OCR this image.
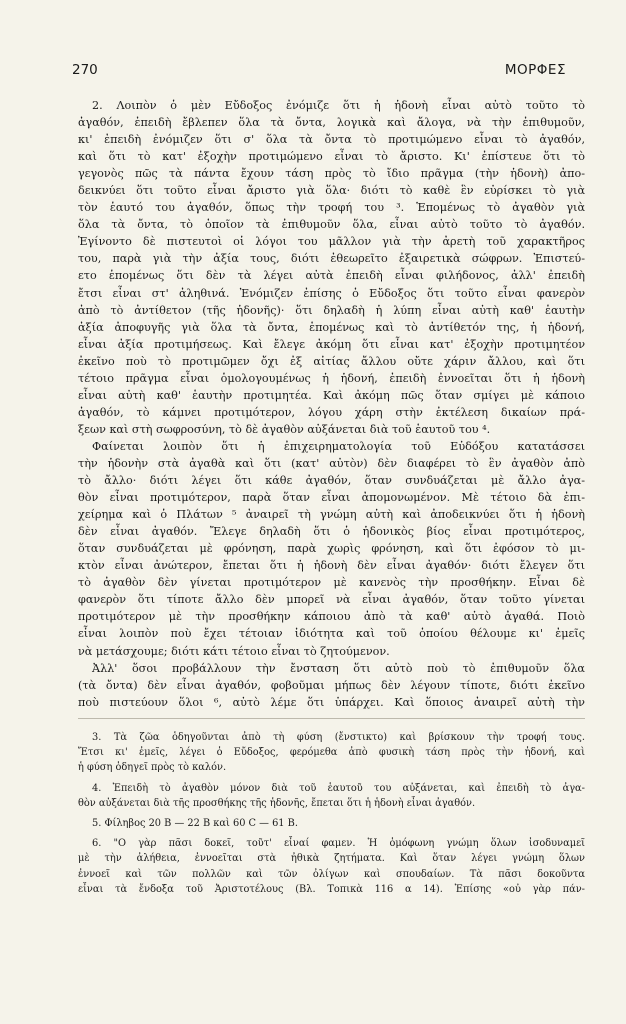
270	ΜΟΡΦΕΣ
2. Λοιπὸν ὁ μὲν Εὔδοξος ἐνόμιζε ὅτι ἡ ἡδονὴ εἶναι αὐτὸ τοῦτο τὸ
ἀγαθόν, ἐπειδὴ ἔβλεπεν ὅλα τὰ ὄντα, λογικὰ καὶ ἄλογα, νὰ τὴν ἐπιθυμοῦν,
κι' ἐπειδὴ ἐνόμιζεν ὅτι σ' ὅλα τὰ ὄντα τὸ προτιμώμενο εἶναι τὸ ἀγαθόν,
καὶ ὅτι τὸ κατ' ἐξοχὴν προτιμώμενο εἶναι τὸ ἄριστο. Κι' ἐπίστευε ὅτι τὸ
γεγονὸς πῶς τὰ πάντα ἔχουν τάση πρὸς τὸ ἴδιο πρᾶγμα (τὴν ἡδονὴ) ἀπο-
δεικνύει ὅτι τοῦτο εἶναι ἄριστο γιὰ ὅλα· διότι τὸ καθὲ ἓν εὑρίσκει τὸ γιὰ
τὸν ἑαυτό του ἀγαθόν, ὅπως τὴν τροφή του ³. Ἑπομένως τὸ ἀγαθὸν γιὰ
ὅλα τὰ ὄντα, τὸ ὁποῖον τὰ ἐπιθυμοῦν ὅλα, εἶναι αὐτὸ τοῦτο τὸ ἀγαθόν.
Ἐγίνοντο δὲ πιστευτοὶ οἱ λόγοι του μᾶλλον γιὰ τὴν ἀρετὴ τοῦ χαρακτῆρος
του, παρὰ γιὰ τὴν ἀξία τους, διότι ἐθεωρεῖτο ἐξαιρετικὰ σώφρων. Ἐπιστεύ-
ετο ἑπομένως ὅτι δὲν τὰ λέγει αὐτὰ ἐπειδὴ εἶναι φιλήδονος, ἀλλ' ἐπειδὴ
ἔτσι εἶναι στ' ἀληθινά. Ἐνόμιζεν ἐπίσης ὁ Εὔδοξος ὅτι τοῦτο εἶναι φανερὸν
ἀπὸ τὸ ἀντίθετον (τῆς ἡδονῆς)· ὅτι δηλαδὴ ἡ λύπη εἶναι αὐτὴ καθ' ἑαυτὴν
ἀξία ἀποφυγῆς γιὰ ὅλα τὰ ὄντα, ἑπομένως καὶ τὸ ἀντίθετόν της, ἡ ἡδονή,
εἶναι ἀξία προτιμήσεως. Καὶ ἔλεγε ἀκόμη ὅτι εἶναι κατ' ἐξοχὴν προτιμητέον
ἐκεῖνο ποὺ τὸ προτιμῶμεν ὄχι ἐξ αἰτίας ἄλλου οὔτε χάριν ἄλλου, καὶ ὅτι
τέτοιο πρᾶγμα εἶναι ὁμολογουμένως ἡ ἡδονή, ἐπειδὴ ἐννοεῖται ὅτι ἡ ἡδονὴ
εἶναι αὐτὴ καθ' ἑαυτὴν προτιμητέα. Καὶ ἀκόμη πῶς ὅταν σμίγει μὲ κάποιο
ἀγαθόν, τὸ κάμνει προτιμότερον, λόγου χάρη στὴν ἐκτέλεση δικαίων πρά-
ξεων καὶ στὴ σωφροσύνη, τὸ δὲ ἀγαθὸν αὐξάνεται διὰ τοῦ ἑαυτοῦ του ⁴.
Φαίνεται λοιπὸν ὅτι ἡ ἐπιχειρηματολογία τοῦ Εὐδόξου κατατάσσει
τὴν ἡδονὴν στὰ ἀγαθὰ καὶ ὅτι (κατ' αὐτὸν) δὲν διαφέρει τὸ ἓν ἀγαθὸν ἀπὸ
τὸ ἄλλο· διότι λέγει ὅτι κάθε ἀγαθόν, ὅταν συνδυάζεται μὲ ἄλλο ἀγα-
θὸν εἶναι προτιμότερον, παρὰ ὅταν εἶναι ἀπομονωμένον. Μὲ τέτοιο δὰ ἐπι-
χείρημα καὶ ὁ Πλάτων ⁵ ἀναιρεῖ τὴ γνώμη αὐτὴ καὶ ἀποδεικνύει ὅτι ἡ ἡδονὴ
δὲν εἶναι ἀγαθόν. Ἔλεγε δηλαδὴ ὅτι ὁ ἡδονικὸς βίος εἶναι προτιμότερος,
ὅταν συνδυάζεται μὲ φρόνηση, παρὰ χωρὶς φρόνηση, καὶ ὅτι ἐφόσον τὸ μι-
κτὸν εἶναι ἀνώτερον, ἔπεται ὅτι ἡ ἡδονὴ δὲν εἶναι ἀγαθόν· διότι ἔλεγεν ὅτι
τὸ ἀγαθὸν δὲν γίνεται προτιμότερον μὲ κανενὸς τὴν προσθήκην. Εἶναι δὲ
φανερὸν ὅτι τίποτε ἄλλο δὲν μπορεῖ νὰ εἶναι ἀγαθόν, ὅταν τοῦτο γίνεται
προτιμότερον μὲ τὴν προσθήκην κάποιου ἀπὸ τὰ καθ' αὐτὸ ἀγαθά. Ποιὸ
εἶναι λοιπὸν ποὺ ἔχει τέτοιαν ἰδιότητα καὶ τοῦ ὁποίου θέλουμε κι' ἐμεῖς
νὰ μετάσχουμε; διότι κάτι τέτοιο εἶναι τὸ ζητούμενον.
Ἀλλ' ὅσοι προβάλλουν τὴν ἔνσταση ὅτι αὐτὸ ποὺ τὸ ἐπιθυμοῦν ὅλα
(τὰ ὄντα) δὲν εἶναι ἀγαθόν, φοβοῦμαι μήπως δὲν λέγουν τίποτε, διότι ἐκεῖνο
ποὺ πιστεύουν ὅλοι ⁶, αὐτὸ λέμε ὅτι ὑπάρχει. Καὶ ὅποιος ἀναιρεῖ αὐτὴ τὴν
3. Τὰ ζῶα ὁδηγοῦνται ἀπὸ τὴ φύση (ἔνστικτο) καὶ βρίσκουν τὴν τροφή τους.
Ἔτσι κι' ἐμεῖς, λέγει ὁ Εὔδοξος, φερόμεθα ἀπὸ φυσικὴ τάση πρὸς τὴν ἡδονή, καὶ
ἡ φύση ὁδηγεῖ πρὸς τὸ καλόν.
4. Ἐπειδὴ τὸ ἀγαθὸν μόνον διὰ τοῦ ἑαυτοῦ του αὐξάνεται, καὶ ἐπειδὴ τὸ ἀγα-
θὸν αὐξάνεται διὰ τῆς προσθήκης τῆς ἡδονῆς, ἔπεται ὅτι ἡ ἡδονὴ εἶναι ἀγαθόν.
5. Φίληβος 20 Β — 22 Β καὶ 60 C — 61 Β.
6. "Ο γὰρ πᾶσι δοκεῖ, τοῦτ' εἶναί φαμεν. Ἡ ὁμόφωνη γνώμη ὅλων ἰσοδυναμεῖ
μὲ τὴν ἀλήθεια, ἐννοεῖται στὰ ἠθικὰ ζητήματα. Καὶ ὅταν λέγει γνώμη ὅλων
ἐννοεῖ καὶ τῶν πολλῶν καὶ τῶν ὀλίγων καὶ σπουδαίων. Τὰ πᾶσι δοκοῦντα
εἶναι τὰ ἔνδοξα τοῦ Ἀριστοτέλους (Βλ. Τοπικὰ 116 α 14). Ἐπίσης «οὐ γὰρ πάν-
